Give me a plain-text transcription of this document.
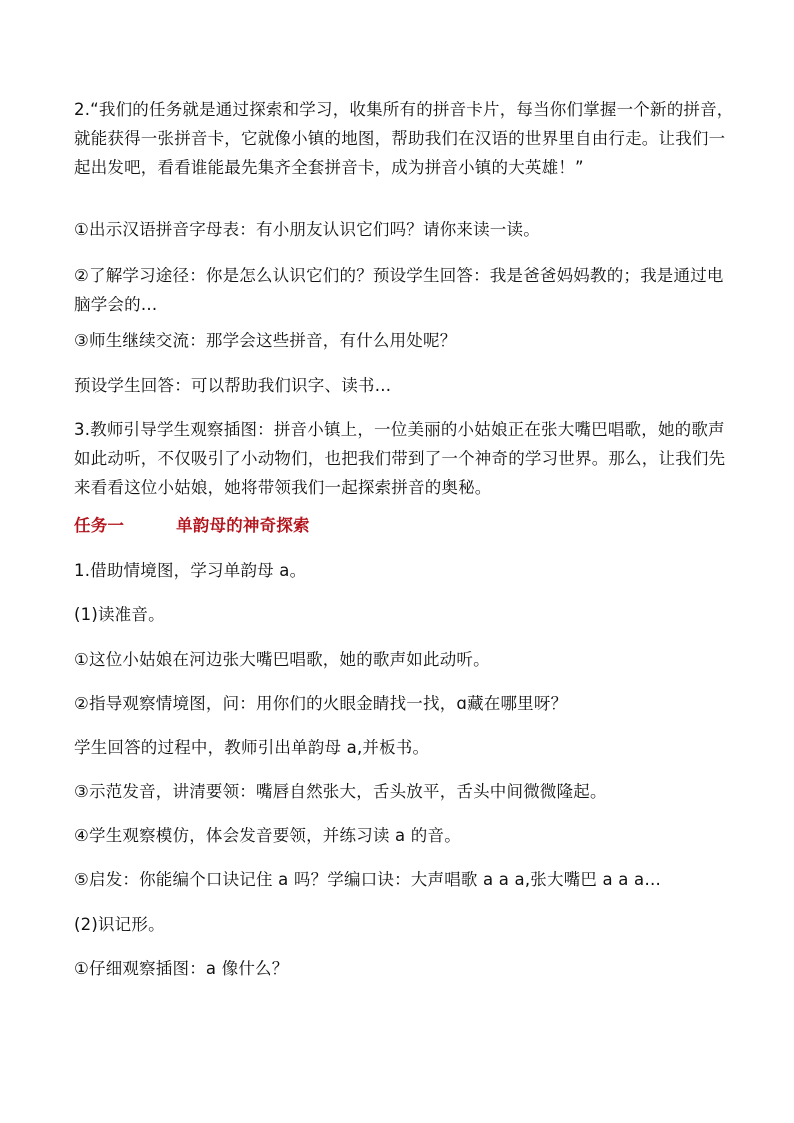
2.“我们的任务就是通过探索和学习，收集所有的拼音卡片，每当你们掌握一个新的拼音，就能获得一张拼音卡，它就像小镇的地图，帮助我们在汉语的世界里自由行走。让我们一起出发吧，看看谁能最先集齐全套拼音卡，成为拼音小镇的大英雄！”

①出示汉语拼音字母表：有小朋友认识它们吗？请你来读一读。

②了解学习途径：你是怎么认识它们的？预设学生回答：我是爸爸妈妈教的；我是通过电脑学会的…

③师生继续交流：那学会这些拼音，有什么用处呢？

预设学生回答：可以帮助我们识字、读书…

3.教师引导学生观察插图：拼音小镇上，一位美丽的小姑娘正在张大嘴巴唱歌，她的歌声如此动听，不仅吸引了小动物们，也把我们带到了一个神奇的学习世界。那么，让我们先来看看这位小姑娘，她将带领我们一起探索拼音的奥秘。

任务一	单韵母的神奇探索

1.借助情境图，学习单韵母 a。

(1)读准音。

①这位小姑娘在河边张大嘴巴唱歌，她的歌声如此动听。

②指导观察情境图，问：用你们的火眼金睛找一找，ɑ藏在哪里呀？

学生回答的过程中，教师引出单韵母 a,并板书。

③示范发音，讲清要领：嘴唇自然张大，舌头放平，舌头中间微微隆起。

④学生观察模仿，体会发音要领，并练习读 a 的音。

⑤启发：你能编个口诀记住 a 吗？学编口诀：大声唱歌 a a a,张大嘴巴 a a a…

(2)识记形。

①仔细观察插图：a 像什么？
